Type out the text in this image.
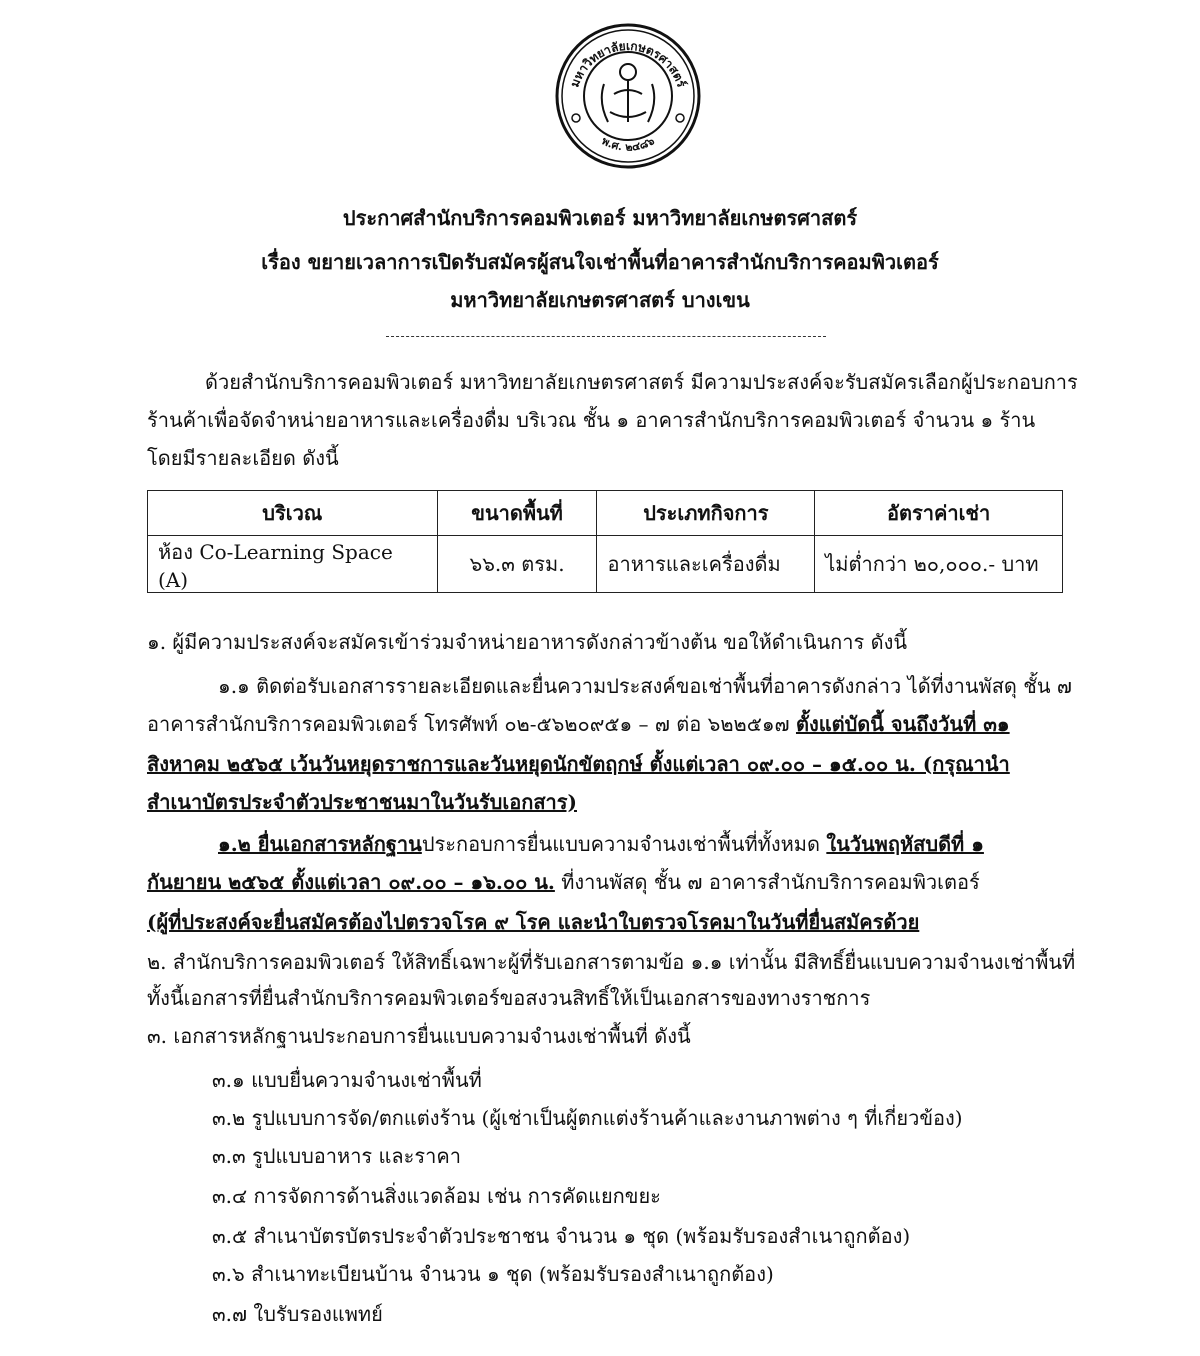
มหาวิทยาลัยเกษตรศาสตร์
พ.ศ. ๒๔๘๖
ประกาศสำนักบริการคอมพิวเตอร์ มหาวิทยาลัยเกษตรศาสตร์
เรื่อง ขยายเวลาการเปิดรับสมัครผู้สนใจเช่าพื้นที่อาคารสำนักบริการคอมพิวเตอร์
มหาวิทยาลัยเกษตรศาสตร์ บางเขน
ด้วยสำนักบริการคอมพิวเตอร์ มหาวิทยาลัยเกษตรศาสตร์ มีความประสงค์จะรับสมัครเลือกผู้ประกอบการ
ร้านค้าเพื่อจัดจำหน่ายอาหารและเครื่องดื่ม บริเวณ ชั้น ๑ อาคารสำนักบริการคอมพิวเตอร์ จำนวน ๑ ร้าน
โดยมีรายละเอียด ดังนี้
บริเวณ	ขนาดพื้นที่	ประเภทกิจการ	อัตราค่าเช่า
ห้อง Co-Learning Space (A)	๖๖.๓ ตรม.	อาหารและเครื่องดื่ม	ไม่ต่ำกว่า ๒๐,๐๐๐.- บาท
๑. ผู้มีความประสงค์จะสมัครเข้าร่วมจำหน่ายอาหารดังกล่าวข้างต้น ขอให้ดำเนินการ ดังนี้
๑.๑ ติดต่อรับเอกสารรายละเอียดและยื่นความประสงค์ขอเช่าพื้นที่อาคารดังกล่าว ได้ที่งานพัสดุ ชั้น ๗
อาคารสำนักบริการคอมพิวเตอร์ โทรศัพท์ ๐๒-๕๖๒๐๙๕๑ – ๗ ต่อ ๖๒๒๕๑๗ ตั้งแต่บัดนี้ จนถึงวันที่ ๓๑
สิงหาคม ๒๕๖๕ เว้นวันหยุดราชการและวันหยุดนักขัตฤกษ์ ตั้งแต่เวลา ๐๙.๐๐ – ๑๕.๐๐ น. (กรุณานำ
สำเนาบัตรประจำตัวประชาชนมาในวันรับเอกสาร)
๑.๒ ยื่นเอกสารหลักฐานประกอบการยื่นแบบความจำนงเช่าพื้นที่ทั้งหมด ในวันพฤหัสบดีที่ ๑
กันยายน ๒๕๖๕ ตั้งแต่เวลา ๐๙.๐๐ – ๑๖.๐๐ น. ที่งานพัสดุ ชั้น ๗ อาคารสำนักบริการคอมพิวเตอร์
(ผู้ที่ประสงค์จะยื่นสมัครต้องไปตรวจโรค ๙ โรค และนำใบตรวจโรคมาในวันที่ยื่นสมัครด้วย
๒. สำนักบริการคอมพิวเตอร์ ให้สิทธิ์เฉพาะผู้ที่รับเอกสารตามข้อ ๑.๑ เท่านั้น มีสิทธิ์ยื่นแบบความจำนงเช่าพื้นที่
ทั้งนี้เอกสารที่ยื่นสำนักบริการคอมพิวเตอร์ขอสงวนสิทธิ์ให้เป็นเอกสารของทางราชการ
๓. เอกสารหลักฐานประกอบการยื่นแบบความจำนงเช่าพื้นที่ ดังนี้
๓.๑ แบบยื่นความจำนงเช่าพื้นที่
๓.๒ รูปแบบการจัด/ตกแต่งร้าน (ผู้เช่าเป็นผู้ตกแต่งร้านค้าและงานภาพต่าง ๆ ที่เกี่ยวข้อง)
๓.๓ รูปแบบอาหาร และราคา
๓.๔ การจัดการด้านสิ่งแวดล้อม เช่น การคัดแยกขยะ
๓.๕ สำเนาบัตรบัตรประจำตัวประชาชน จำนวน ๑ ชุด (พร้อมรับรองสำเนาถูกต้อง)
๓.๖ สำเนาทะเบียนบ้าน จำนวน ๑ ชุด (พร้อมรับรองสำเนาถูกต้อง)
๓.๗ ใบรับรองแพทย์
